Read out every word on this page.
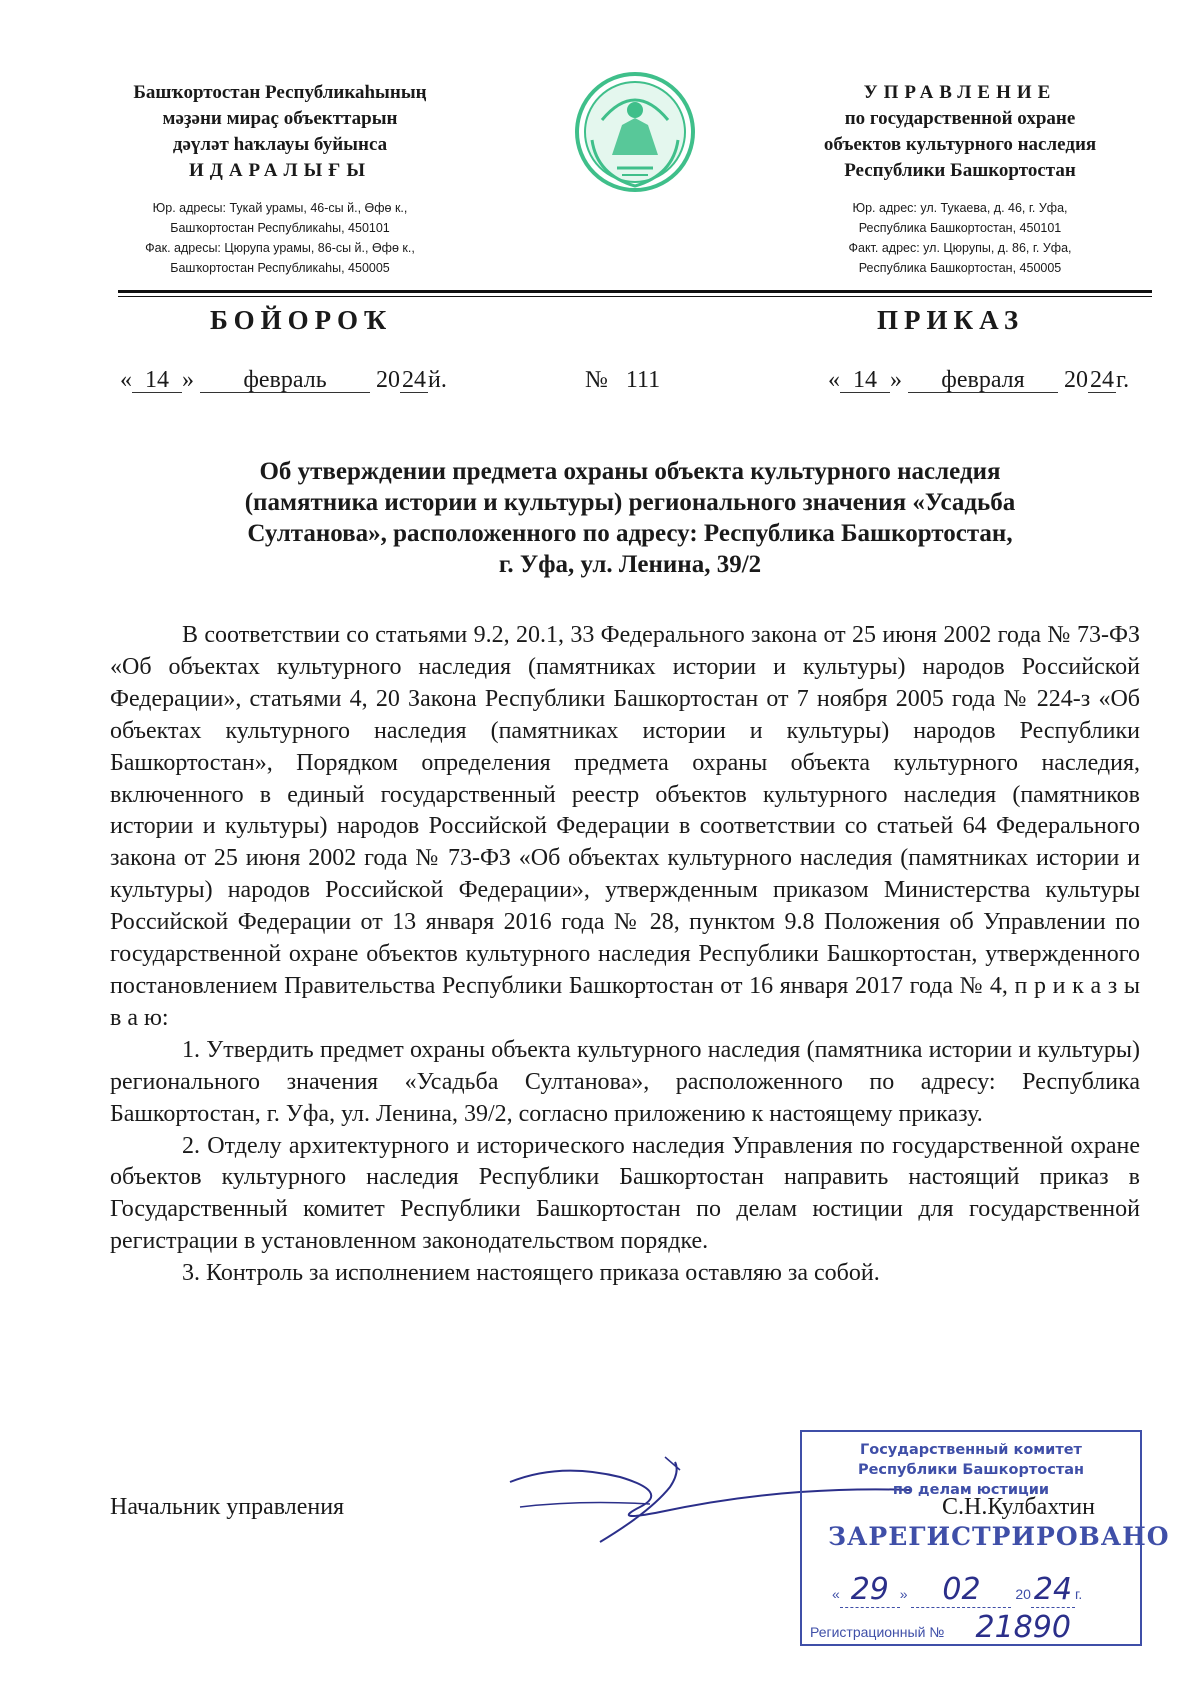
Башҡортостан Республикаһының

мәҙәни мираҫ объекттарын

дәүләт һаҡлауы буйынса

ИДАРАЛЫҒЫ

Юр. адресы: Тукай урамы, 46-сы й., Өфө к.,

Башҡортостан Республикаһы, 450101

Фак. адресы: Цюрупа урамы, 86-сы й., Өфө к.,

Башҡортостан Республикаһы, 450005

УПРАВЛЕНИЕ

по государственной охране

объектов культурного наследия

Республики Башкортостан

Юр. адрес: ул. Тукаева, д. 46, г. Уфа,

Республика Башкортостан, 450101

Факт. адрес: ул. Цюрупы, д. 86, г. Уфа,

Республика Башкортостан, 450005

БОЙОРОҠ	ПРИКАЗ
« 14 » февраль 2024й.	№ 111	« 14 » февраля 2024г.

Об утверждении предмета охраны объекта культурного наследия

(памятника истории и культуры) регионального значения «Усадьба

Султанова», расположенного по адресу: Республика Башкортостан,

г. Уфа, ул. Ленина, 39/2

В соответствии со статьями 9.2, 20.1, 33 Федерального закона от 25 июня 2002 года № 73-ФЗ «Об объектах культурного наследия (памятниках истории и культуры) народов Российской Федерации», статьями 4, 20 Закона Республики Башкортостан от 7 ноября 2005 года № 224-з «Об объектах культурного наследия (памятниках истории и культуры) народов Республики Башкортостан», Порядком определения предмета охраны объекта культурного наследия, включенного в единый государственный реестр объектов культурного наследия (памятников истории и культуры) народов Российской Федерации в соответствии со статьей 64 Федерального закона от 25 июня 2002 года № 73-ФЗ «Об объектах культурного наследия (памятниках истории и культуры) народов Российской Федерации», утвержденным приказом Министерства культуры Российской Федерации от 13 января 2016 года № 28, пунктом 9.8 Положения об Управлении по государственной охране объектов культурного наследия Республики Башкортостан, утвержденного постановлением Правительства Республики Башкортостан от 16 января 2017 года № 4, п р и к а з ы в а ю:

1. Утвердить предмет охраны объекта культурного наследия (памятника истории и культуры) регионального значения «Усадьба Султанова», расположенного по адресу: Республика Башкортостан, г. Уфа, ул. Ленина, 39/2, согласно приложению к настоящему приказу.

2. Отделу архитектурного и исторического наследия Управления по государственной охране объектов культурного наследия Республики Башкортостан направить настоящий приказ в Государственный комитет Республики Башкортостан по делам юстиции для государственной регистрации в установленном законодательством порядке.

3. Контроль за исполнением настоящего приказа оставляю за собой.

Начальник управления
Государственный комитет
Республики Башкортостан
по делам юстиции
ЗАРЕГИСТРИРОВАНО
« 29 » 02 2024 г.
Регистрационный № 21890
С.Н.Кулбахтин
